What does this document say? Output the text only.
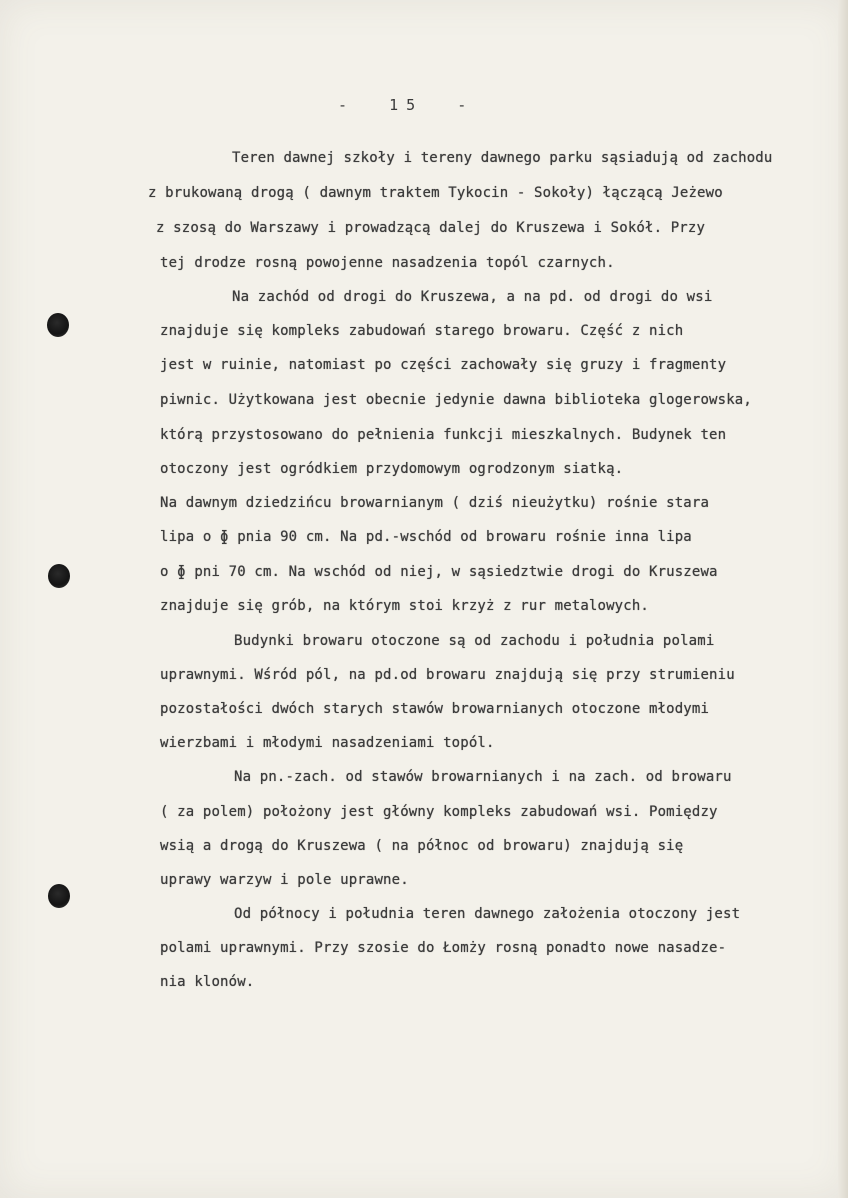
-  15  -
Teren dawnej szkoły i tereny dawnego parku sąsiadują od zachodu
z brukowaną drogą ( dawnym traktem Tykocin - Sokoły) łączącą Jeżewo
z szosą do Warszawy i prowadzącą dalej do Kruszewa i Sokół. Przy
tej drodze rosną powojenne nasadzenia topól czarnych.
Na zachód od drogi do Kruszewa, a na pd. od drogi do wsi
znajduje się kompleks zabudowań starego browaru. Część z nich
jest w ruinie, natomiast po części zachowały się gruzy i fragmenty
piwnic. Użytkowana jest obecnie jedynie dawna biblioteka glogerowska,
którą przystosowano do pełnienia funkcji mieszkalnych. Budynek ten
otoczony jest ogródkiem przydomowym ogrodzonym siatką.
Na dawnym dziedzińcu browarnianym ( dziś nieużytku) rośnie stara
lipa o ɸ pnia 90 cm. Na pd.-wschód od browaru rośnie inna lipa
o ɸ pni 70 cm. Na wschód od niej, w sąsiedztwie drogi do Kruszewa
znajduje się grób, na którym stoi krzyż z rur metalowych.
Budynki browaru otoczone są od zachodu i południa polami
uprawnymi. Wśród pól, na pd.od browaru znajdują się przy strumieniu
pozostałości dwóch starych stawów browarnianych otoczone młodymi
wierzbami i młodymi nasadzeniami topól.
Na pn.-zach. od stawów browarnianych i na zach. od browaru
( za polem) położony jest główny kompleks zabudowań wsi. Pomiędzy
wsią a drogą do Kruszewa ( na północ od browaru) znajdują się
uprawy warzyw i pole uprawne.
Od północy i południa teren dawnego założenia otoczony jest
polami uprawnymi. Przy szosie do Łomży rosną ponadto nowe nasadze-
nia klonów.
